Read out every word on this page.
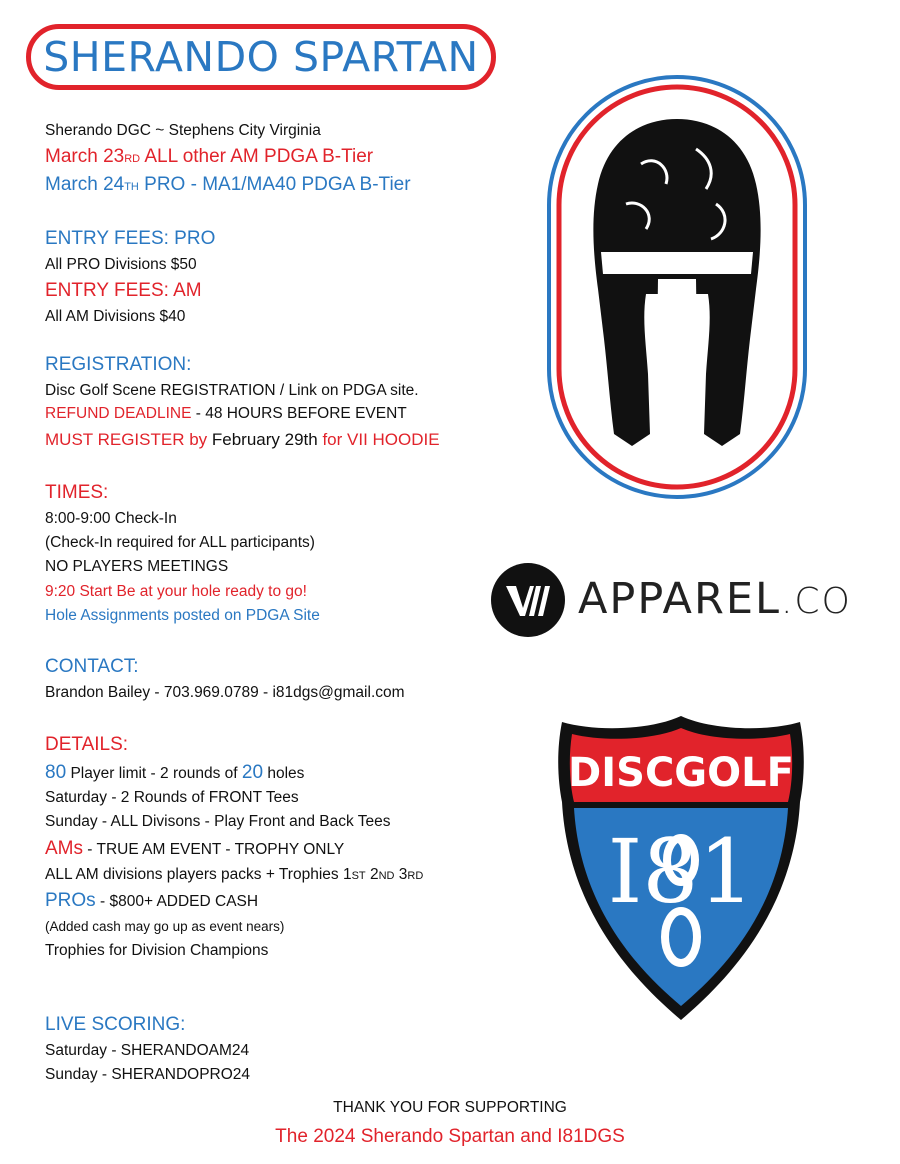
SHERANDO SPARTAN
Sherando DGC ~ Stephens City Virginia
March 23RD ALL other AM PDGA B-Tier
March 24TH PRO - MA1/MA40 PDGA B-Tier
ENTRY FEES: PRO
All PRO Divisions $50
ENTRY FEES: AM
All AM Divisions $40
REGISTRATION:
Disc Golf Scene REGISTRATION / Link on PDGA site.
REFUND DEADLINE - 48 HOURS BEFORE EVENT
MUST REGISTER by February 29th for VII HOODIE
TIMES:
8:00-9:00 Check-In
(Check-In required for ALL participants)
NO PLAYERS MEETINGS
9:20 Start Be at your hole ready to go!
Hole Assignments posted on PDGA Site
CONTACT:
Brandon Bailey - 703.969.0789 - i81dgs@gmail.com
DETAILS:
80 Player limit - 2 rounds of 20 holes
Saturday - 2 Rounds of FRONT Tees
Sunday - ALL Divisons - Play Front and Back Tees
AMs - TRUE AM EVENT - TROPHY ONLY
ALL AM divisions players packs + Trophies 1ST 2ND 3RD
PROs - $800+ ADDED CASH
(Added cash may go up as event nears)
Trophies for Division Champions
LIVE SCORING:
Saturday - SHERANDOAM24
Sunday - SHERANDOPRO24
THANK YOU FOR SUPPORTING
The 2024 Sherando Spartan and I81DGS
VII
APPAREL.CO
DISCGOLF
I81
